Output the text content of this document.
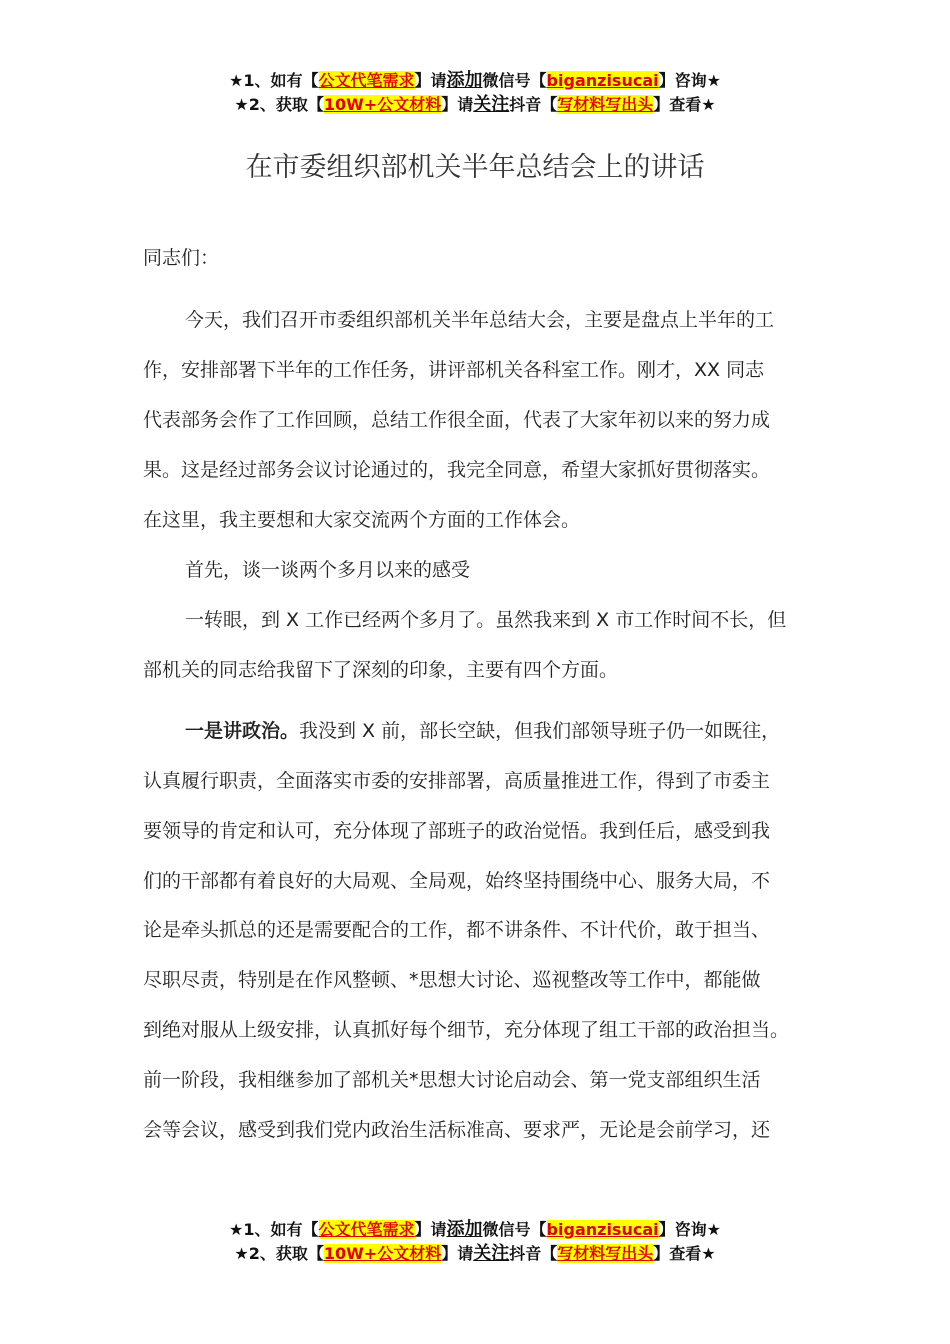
★1、如有【公文代笔需求】请添加微信号【biganzisucai】咨询★
★2、获取【10W+公文材料】请关注抖音【写材料写出头】查看★
在市委组织部机关半年总结会上的讲话
同志们：
今天，我们召开市委组织部机关半年总结大会，主要是盘点上半年的工
作，安排部署下半年的工作任务，讲评部机关各科室工作。刚才，XX 同志
代表部务会作了工作回顾，总结工作很全面，代表了大家年初以来的努力成
果。这是经过部务会议讨论通过的，我完全同意，希望大家抓好贯彻落实。
在这里，我主要想和大家交流两个方面的工作体会。
首先，谈一谈两个多月以来的感受
一转眼，到 X 工作已经两个多月了。虽然我来到 X 市工作时间不长，但
部机关的同志给我留下了深刻的印象，主要有四个方面。
一是讲政治。我没到 X 前，部长空缺，但我们部领导班子仍一如既往，
认真履行职责，全面落实市委的安排部署，高质量推进工作，得到了市委主
要领导的肯定和认可，充分体现了部班子的政治觉悟。我到任后，感受到我
们的干部都有着良好的大局观、全局观，始终坚持围绕中心、服务大局，不
论是牵头抓总的还是需要配合的工作，都不讲条件、不计代价，敢于担当、
尽职尽责，特别是在作风整顿、*思想大讨论、巡视整改等工作中，都能做
到绝对服从上级安排，认真抓好每个细节，充分体现了组工干部的政治担当。
前一阶段，我相继参加了部机关*思想大讨论启动会、第一党支部组织生活
会等会议，感受到我们党内政治生活标准高、要求严，无论是会前学习，还
★1、如有【公文代笔需求】请添加微信号【biganzisucai】咨询★
★2、获取【10W+公文材料】请关注抖音【写材料写出头】查看★
